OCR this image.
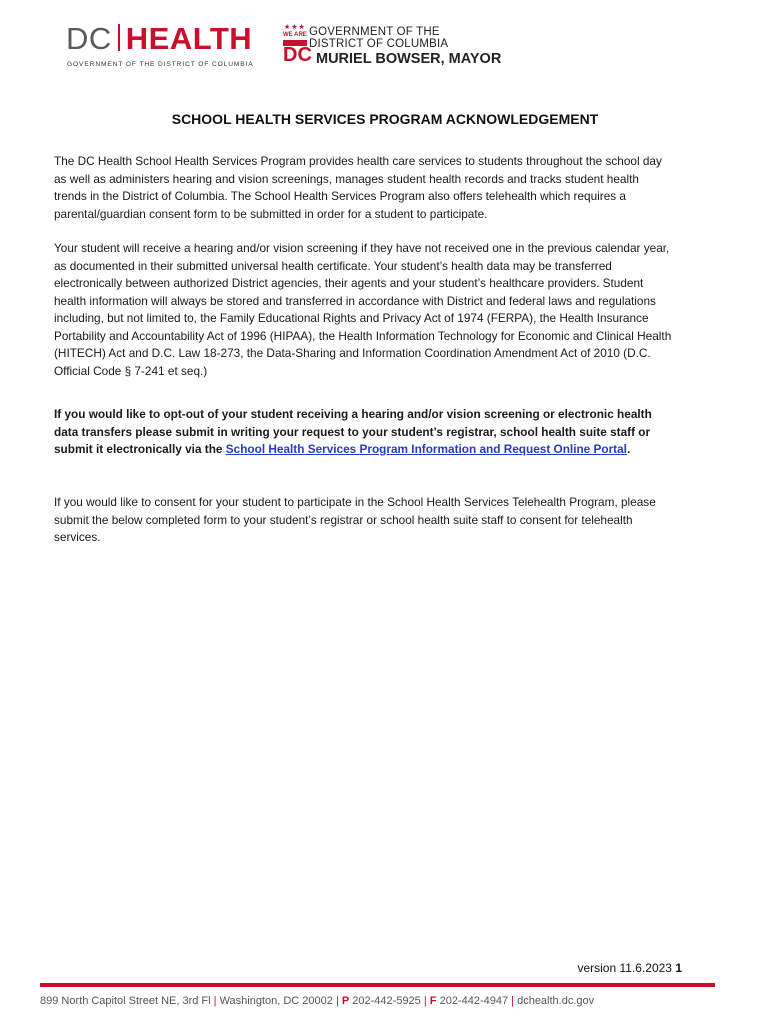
DC HEALTH
GOVERNMENT OF THE DISTRICT OF COLUMBIA
★★★
WE ARE
DC
GOVERNMENT OF THE
DISTRICT OF COLUMBIA
MURIEL BOWSER, MAYOR
SCHOOL HEALTH SERVICES PROGRAM ACKNOWLEDGEMENT

The DC Health School Health Services Program provides health care services to students throughout the school day as well as administers hearing and vision screenings, manages student health records and tracks student health trends in the District of Columbia. The School Health Services Program also offers telehealth which requires a parental/guardian consent form to be submitted in order for a student to participate.

Your student will receive a hearing and/or vision screening if they have not received one in the previous calendar year, as documented in their submitted universal health certificate. Your student’s health data may be transferred electronically between authorized District agencies, their agents and your student’s healthcare providers. Student health information will always be stored and transferred in accordance with District and federal laws and regulations including, but not limited to, the Family Educational Rights and Privacy Act of 1974 (FERPA), the Health Insurance Portability and Accountability Act of 1996 (HIPAA), the Health Information Technology for Economic and Clinical Health (HITECH) Act and D.C. Law 18-273, the Data-Sharing and Information Coordination Amendment Act of 2010 (D.C. Official Code § 7-241 et seq.)

If you would like to opt-out of your student receiving a hearing and/or vision screening or electronic health data transfers please submit in writing your request to your student’s registrar, school health suite staff or submit it electronically via the School Health Services Program Information and Request Online Portal.

If you would like to consent for your student to participate in the School Health Services Telehealth Program, please submit the below completed form to your student’s registrar or school health suite staff to consent for telehealth services.

version 11.6.2023 1
899 North Capitol Street NE, 3rd Fl | Washington, DC 20002 | P 202-442-5925 | F 202-442-4947 | dchealth.dc.gov
